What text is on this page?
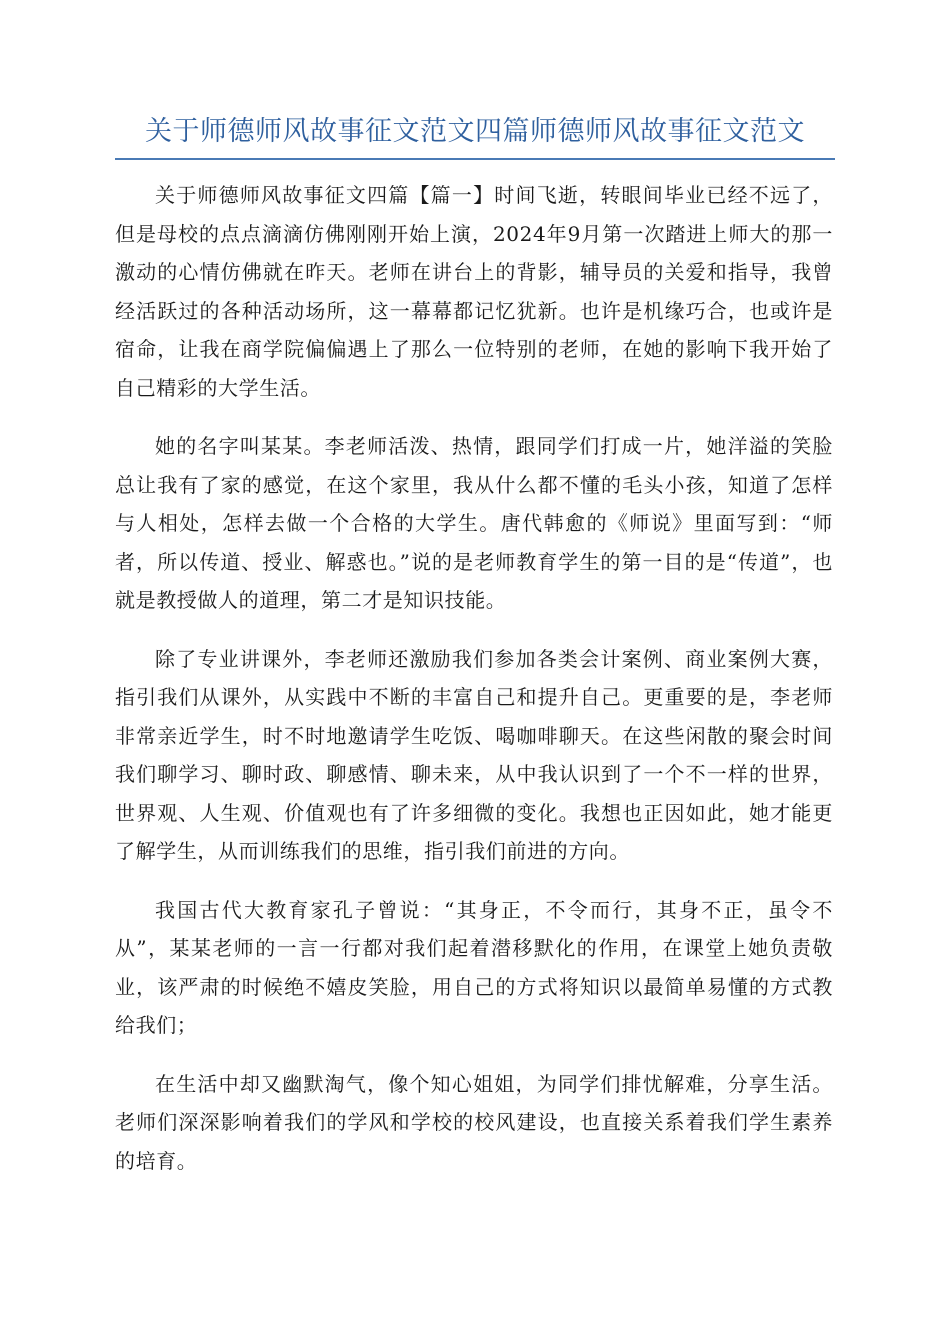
关于师德师风故事征文范文四篇师德师风故事征文范文

关于师德师风故事征文四篇【篇一】时间飞逝，转眼间毕业已经不远了，但是母校的点点滴滴仿佛刚刚开始上演，2024年9月第一次踏进上师大的那一激动的心情仿佛就在昨天。老师在讲台上的背影，辅导员的关爱和指导，我曾经活跃过的各种活动场所，这一幕幕都记忆犹新。也许是机缘巧合，也或许是宿命，让我在商学院偏偏遇上了那么一位特别的老师，在她的影响下我开始了自己精彩的大学生活。

她的名字叫某某。李老师活泼、热情，跟同学们打成一片，她洋溢的笑脸总让我有了家的感觉，在这个家里，我从什么都不懂的毛头小孩，知道了怎样与人相处，怎样去做一个合格的大学生。唐代韩愈的《师说》里面写到：“师者，所以传道、授业、解惑也。”说的是老师教育学生的第一目的是“传道”，也就是教授做人的道理，第二才是知识技能。

除了专业讲课外，李老师还激励我们参加各类会计案例、商业案例大赛，指引我们从课外，从实践中不断的丰富自己和提升自己。更重要的是，李老师非常亲近学生，时不时地邀请学生吃饭、喝咖啡聊天。在这些闲散的聚会时间我们聊学习、聊时政、聊感情、聊未来，从中我认识到了一个不一样的世界，世界观、人生观、价值观也有了许多细微的变化。我想也正因如此，她才能更了解学生，从而训练我们的思维，指引我们前进的方向。

我国古代大教育家孔子曾说：“其身正，不令而行，其身不正，虽令不从”，某某老师的一言一行都对我们起着潜移默化的作用，在课堂上她负责敬业，该严肃的时候绝不嬉皮笑脸，用自己的方式将知识以最简单易懂的方式教给我们；

在生活中却又幽默淘气，像个知心姐姐，为同学们排忧解难，分享生活。老师们深深影响着我们的学风和学校的校风建设，也直接关系着我们学生素养的培育。
